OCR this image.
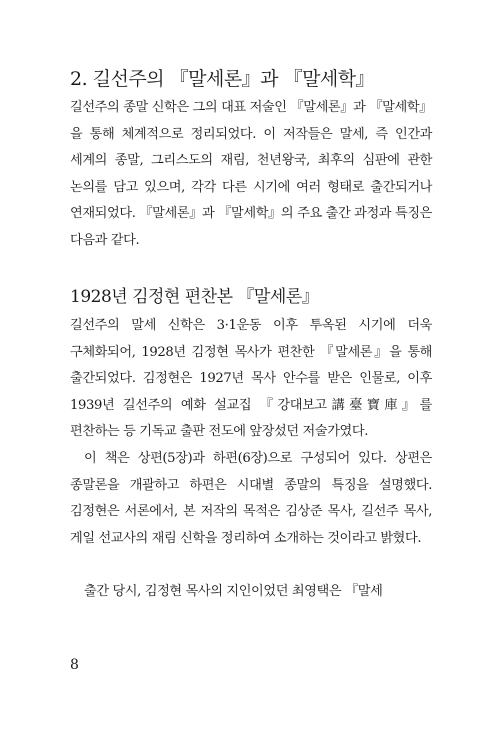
2. 길선주의 『말세론』과 『말세학』

길선주의 종말 신학은 그의 대표 저술인 『말세론』과 『말세학』을 통해 체계적으로 정리되었다. 이 저작들은 말세, 즉 인간과 세계의 종말, 그리스도의 재림, 천년왕국, 최후의 심판에 관한 논의를 담고 있으며, 각각 다른 시기에 여러 형태로 출간되거나 연재되었다. 『말세론』과 『말세학』의 주요 출간 과정과 특징은 다음과 같다.

1928년 김정현 편찬본 『말세론』

길선주의 말세 신학은 3·1운동 이후 투옥된 시기에 더욱 구체화되어, 1928년 김정현 목사가 편찬한 『말세론』을 통해 출간되었다. 김정현은 1927년 목사 안수를 받은 인물로, 이후 1939년 길선주의 예화 설교집 『강대보고講臺寶庫』를 편찬하는 등 기독교 출판 전도에 앞장섰던 저술가였다.

이 책은 상편(5장)과 하편(6장)으로 구성되어 있다. 상편은 종말론을 개괄하고 하편은 시대별 종말의 특징을 설명했다. 김정현은 서론에서, 본 저작의 목적은 김상준 목사, 길선주 목사, 게일 선교사의 재림 신학을 정리하여 소개하는 것이라고 밝혔다.

출간 당시, 김정현 목사의 지인이었던 최영택은 『말세

8
